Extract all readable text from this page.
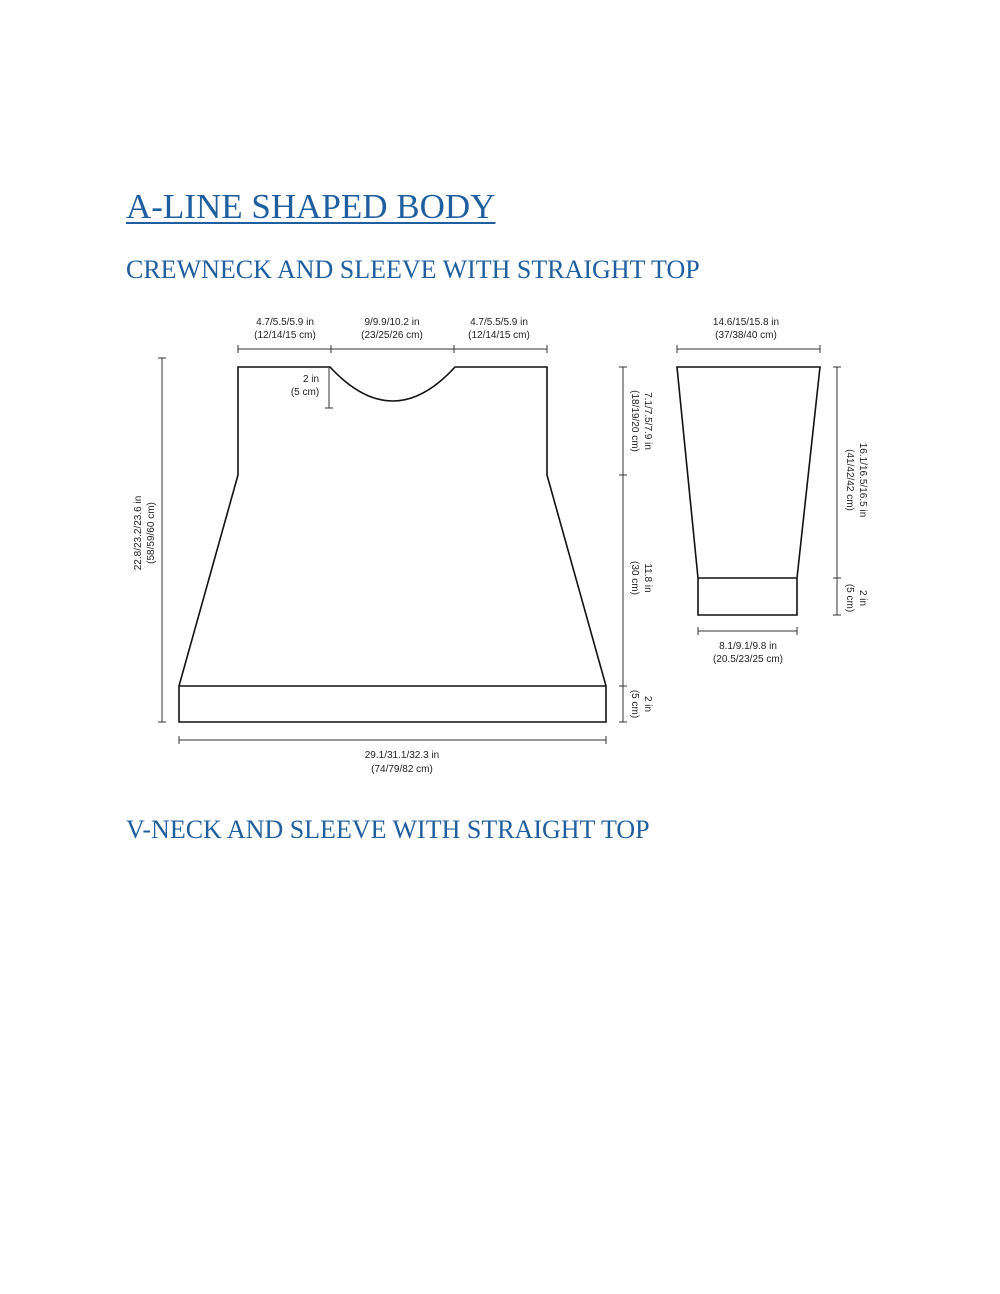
A-LINE SHAPED BODY
CREWNECK AND SLEEVE WITH STRAIGHT TOP
V-NECK AND SLEEVE WITH STRAIGHT TOP
4.7/5.5/5.9 in
(12/14/15 cm)
9/9.9/10.2 in
(23/25/26 cm)
4.7/5.5/5.9 in
(12/14/15 cm)
2 in
(5 cm)
22.8/23.2/23.6 in (58/59/60 cm)
7.1/7.5/7.9 in
(18/19/20 cm)
11.8 in
(30 cm)
2 in
(5 cm)
29.1/31.1/32.3 in
(74/79/82 cm)
14.6/15/15.8 in
(37/38/40 cm)
16.1/16.5/16.5 in
(41/42/42 cm)
2 in
(5 cm)
8.1/9.1/9.8 in
(20.5/23/25 cm)
